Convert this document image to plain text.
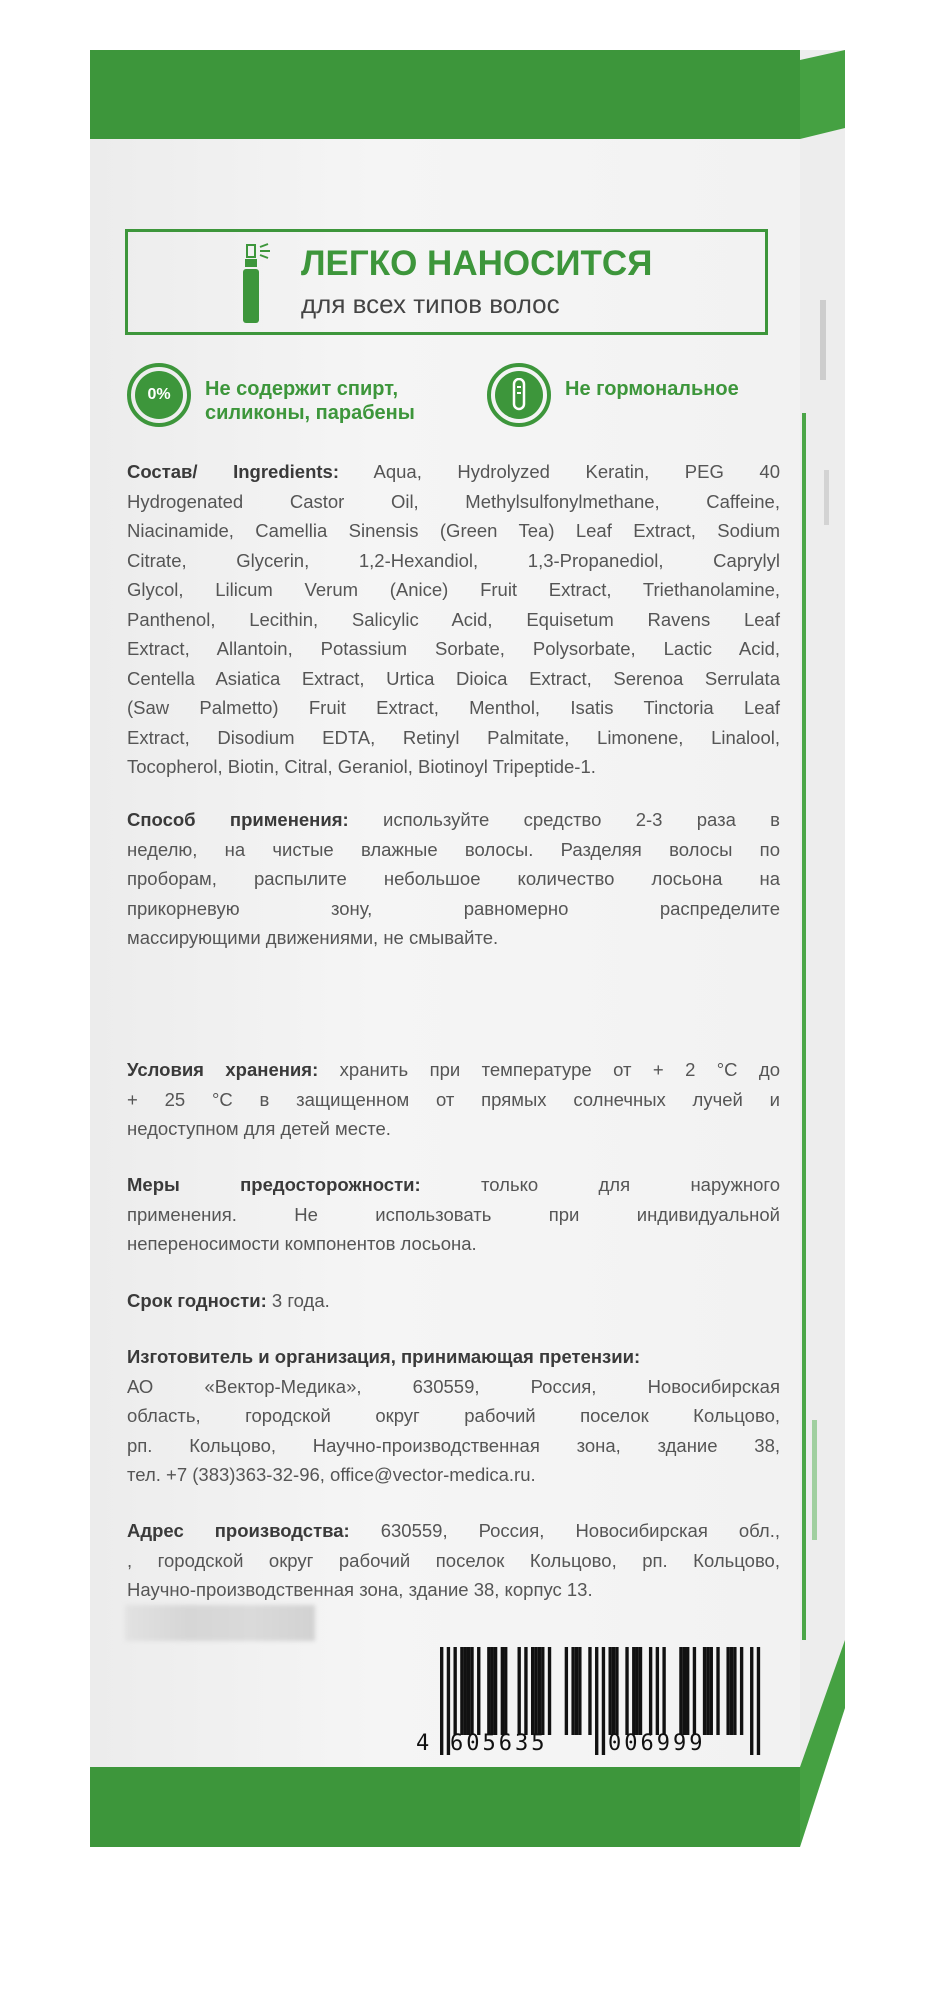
ЛЕГКО НАНОСИТСЯ
для всех типов волос
0%	Не содержит спирт,
силиконы, парабены
Не гормональное
Состав/ Ingredients: Aqua, Hydrolyzed Keratin, PEG 40
Hydrogenated Castor Oil, Methylsulfonylmethane, Caffeine,
Niacinamide, Camellia Sinensis (Green Tea) Leaf Extract, Sodium
Citrate, Glycerin, 1,2-Hexandiol, 1,3-Propanediol, Caprylyl
Glycol, Lilicum Verum (Anice) Fruit Extract, Triethanolamine,
Panthenol, Lecithin, Salicylic Acid, Equisetum Ravens Leaf
Extract, Allantoin, Potassium Sorbate, Polysorbate, Lactic Acid,
Centella Asiatica Extract, Urtica Dioica Extract, Serenoa Serrulata
(Saw Palmetto) Fruit Extract, Menthol, Isatis Tinctoria Leaf
Extract, Disodium EDTA, Retinyl Palmitate, Limonene, Linalool,
Tocopherol, Biotin, Citral, Geraniol, Biotinoyl Tripeptide-1.
Способ применения: используйте средство 2-3 раза в
неделю, на чистые влажные волосы. Разделяя волосы по
проборам, распылите небольшое количество лосьона на
прикорневую зону, равномерно распределите
массирующими движениями, не смывайте.
Условия хранения: хранить при температуре от + 2 °С до
+ 25 °С в защищенном от прямых солнечных лучей и
недоступном для детей месте.
Меры предосторожности:	только для наружного
применения. Не использовать при индивидуальной
непереносимости компонентов лосьона.
Срок годности: 3 года.
Изготовитель и организация, принимающая претензии:
АО «Вектор-Медика», 630559, Россия, Новосибирская
область, городской округ рабочий поселок Кольцово,
рп. Кольцово, Научно-производственная зона, здание 38,
тел. +7 (383)363-32-96, office@vector-medica.ru.
Адрес производства: 630559, Россия, Новосибирская обл.,
, городской округ рабочий поселок Кольцово, рп. Кольцово,
Научно-производственная зона, здание 38, корпус 13.
4 605635	006999
